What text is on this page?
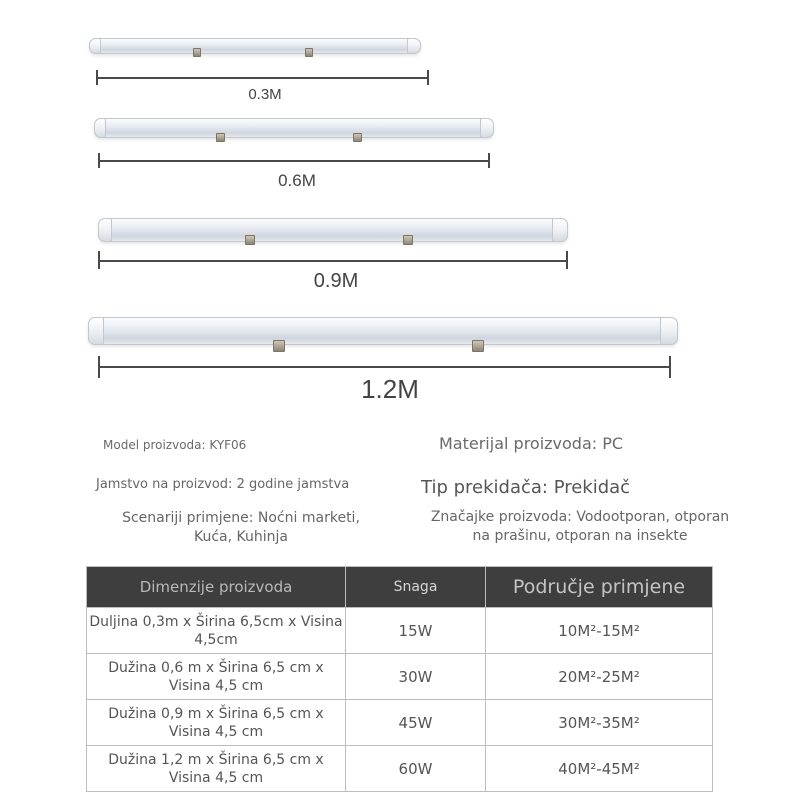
0.3M
0.6M
0.9M
1.2M
Model proizvoda: KYF06	Materijal proizvoda: PC
Jamstvo na proizvod: 2 godine jamstva	Tip prekidača: Prekidač
Scenariji primjene: Noćni marketi, Kuća, Kuhinja
Značajke proizvoda: Vodootporan, otporan na prašinu, otporan na insekte
Dimenzije proizvoda	Snaga	Područje primjene
Duljina 0,3m x Širina 6,5cm x Visina 4,5cm	15W	10M²-15M²
Dužina 0,6 m x Širina 6,5 cm x Visina 4,5 cm	30W	20M²-25M²
Dužina 0,9 m x Širina 6,5 cm x Visina 4,5 cm	45W	30M²-35M²
Dužina 1,2 m x Širina 6,5 cm x Visina 4,5 cm	60W	40M²-45M²
